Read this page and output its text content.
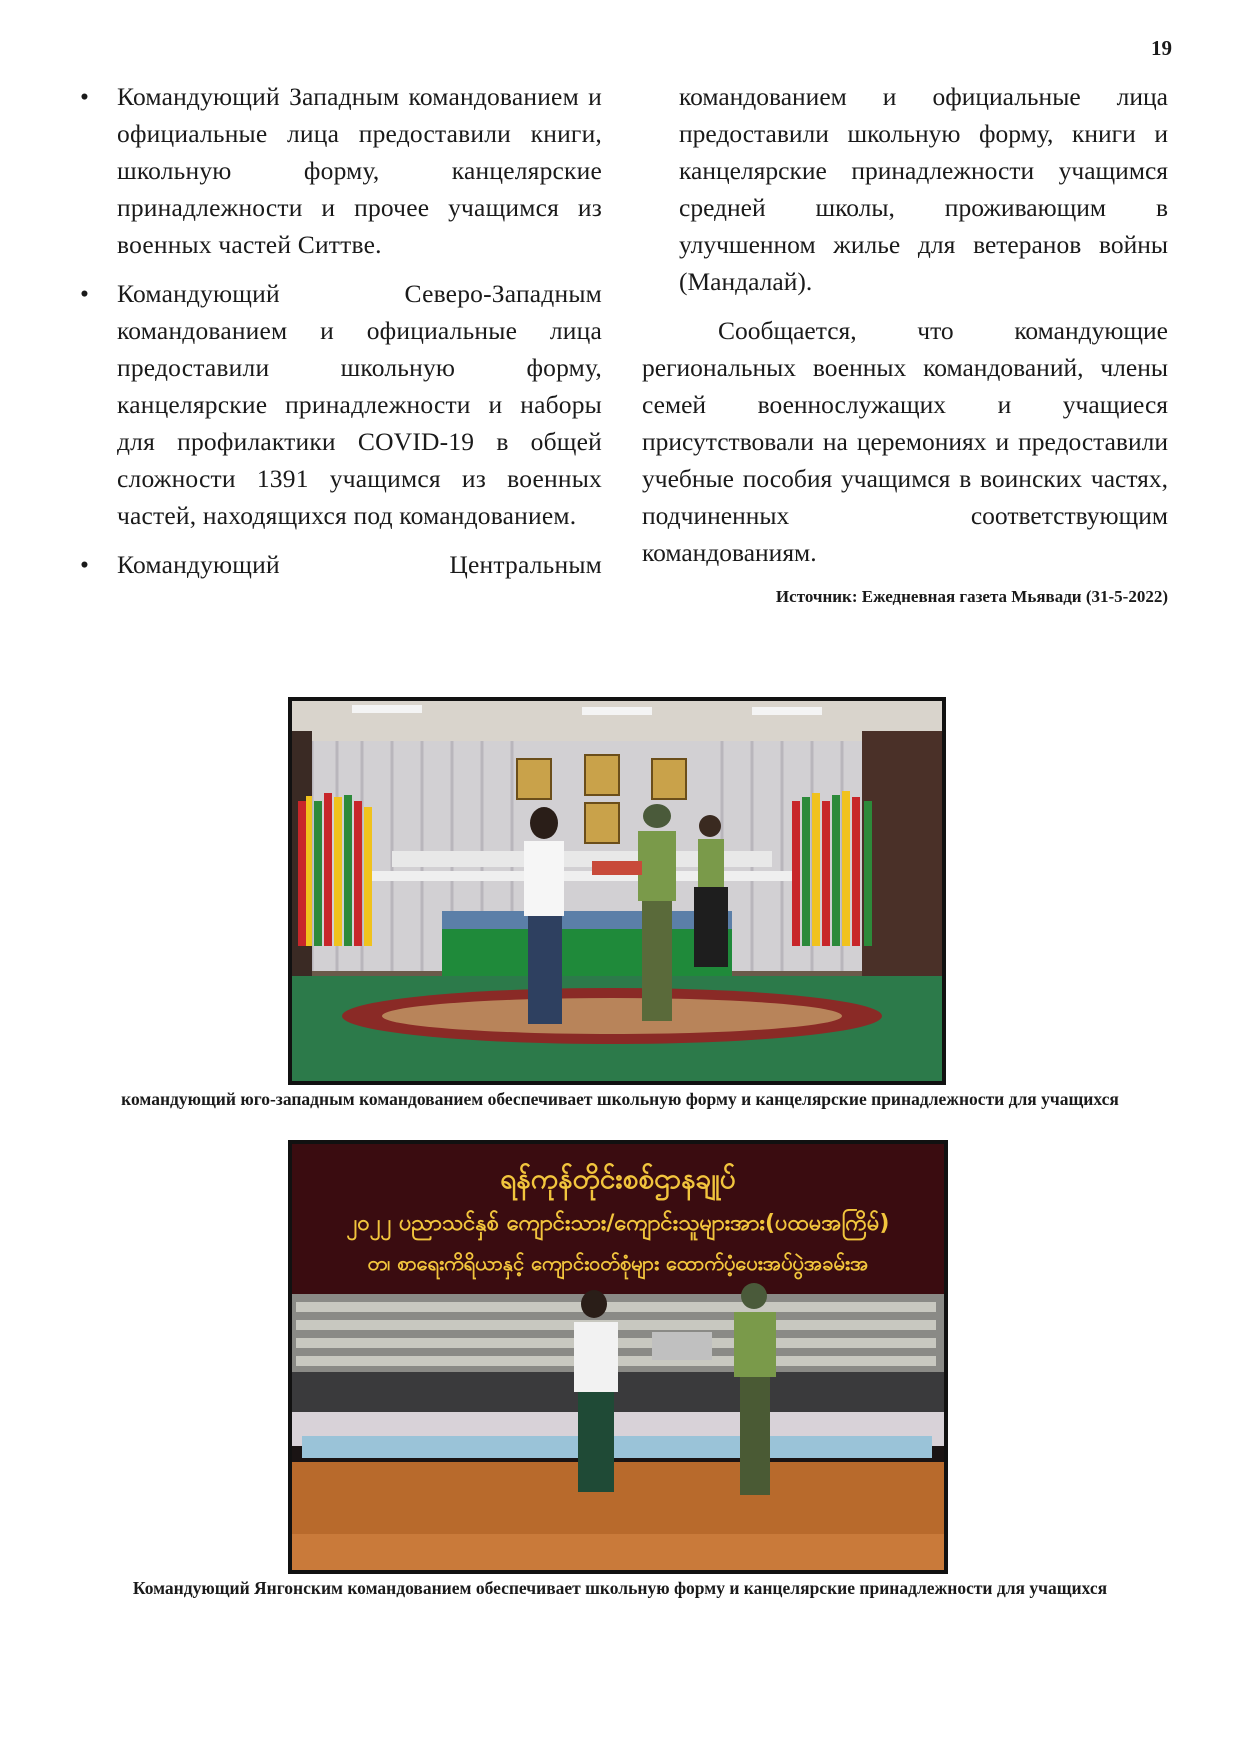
19
• Командующий Западным командованием и официальные лица предоставили книги, школьную форму, канцелярские принадлежности и прочее учащимся из военных частей Ситтве.
• Командующий Северо-Западным командованием и официальные лица предоставили школьную форму, канцелярские принадлежности и наборы для профилактики COVID-19 в общей сложности 1391 учащимся из военных частей, находящихся под командованием.
• Командующий Центральным
командованием и официальные лица предоставили школьную форму, книги и канцелярские принадлежности учащимся средней школы, проживающим в улучшенном жилье для ветеранов войны (Мандалай).

Сообщается, что командующие региональных военных командований, члены семей военнослужащих и учащиеся присутствовали на церемониях и предоставили учебные пособия учащимся в воинских частях, подчиненных соответствующим командованиям.

Источник: Ежедневная газета Мьявади (31-5-2022)
командующий юго-западным командованием обеспечивает школьную форму и канцелярские принадлежности для учащихся
ရန်ကုန်တိုင်းစစ်ဌာနချုပ်
၂၀၂၂ ပညာသင်နှစ် ကျောင်းသား/ကျောင်းသူများအား(ပထမအကြိမ်)
တ၊ စာရေးကိရိယာနှင့် ကျောင်းဝတ်စုံများ ထောက်ပံ့ပေးအပ်ပွဲအခမ်းအ
Командующий Янгонским командованием обеспечивает школьную форму и канцелярские принадлежности для учащихся
